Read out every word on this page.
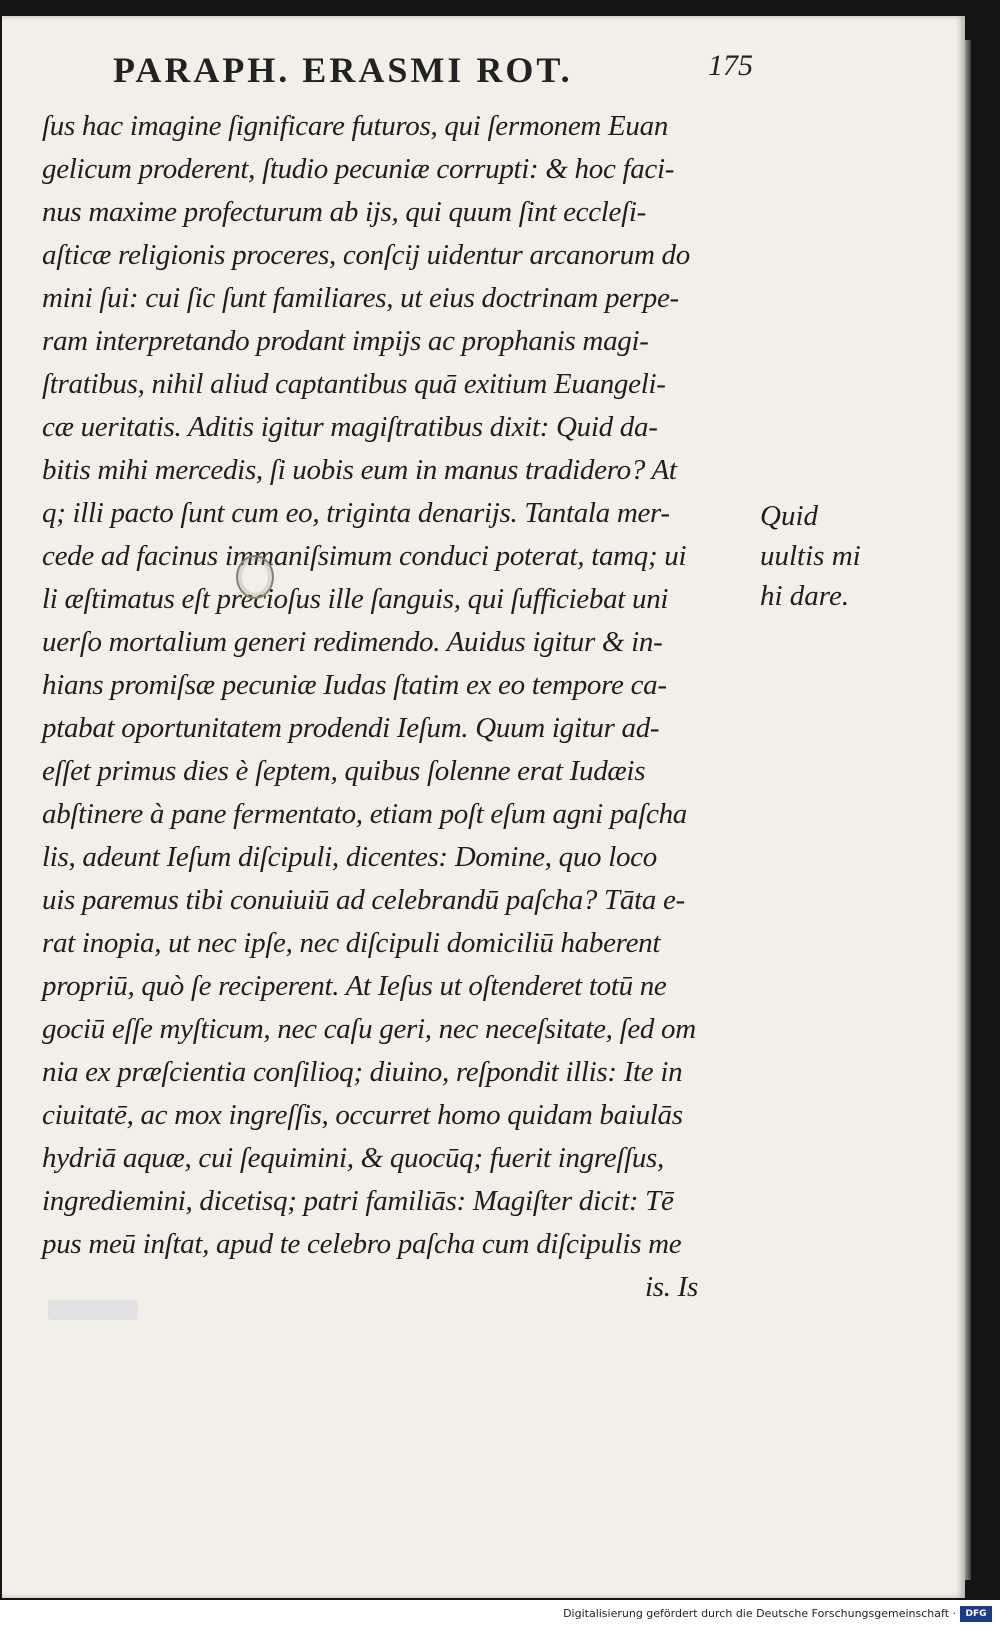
PARAPH. ERASMI ROT.	175
ſus hac imagine ſignificare futuros, qui ſermonem Euan
gelicum proderent, ſtudio pecuniæ corrupti: & hoc faci-
nus maxime profecturum ab ijs, qui quum ſint eccleſi-
aſticæ religionis proceres, conſcij uidentur arcanorum do
mini ſui: cui ſic ſunt familiares, ut eius doctrinam perpe-
ram interpretando prodant impijs ac prophanis magi-
ſtratibus, nihil aliud captantibus quā exitium Euangeli-
cæ ueritatis. Aditis igitur magiſtratibus dixit: Quid da-
bitis mihi mercedis, ſi uobis eum in manus tradidero? At
q; illi pacto ſunt cum eo, triginta denarijs. Tantala mer-
cede ad facinus immaniſsimum conduci poterat, tamq; ui
li æſtimatus eſt precioſus ille ſanguis, qui ſufficiebat uni
uerſo mortalium generi redimendo. Auidus igitur & in-
hians promiſsæ pecuniæ Iudas ſtatim ex eo tempore ca-
ptabat oportunitatem prodendi Ieſum. Quum igitur ad-
eſſet primus dies è ſeptem, quibus ſolenne erat Iudæis
abſtinere à pane fermentato, etiam poſt eſum agni paſcha
lis, adeunt Ieſum diſcipuli, dicentes: Domine, quo loco
uis paremus tibi conuiuiū ad celebrandū paſcha? Tāta e-
rat inopia, ut nec ipſe, nec diſcipuli domiciliū haberent
propriū, quò ſe reciperent. At Ieſus ut oſtenderet totū ne
gociū eſſe myſticum, nec caſu geri, nec neceſsitate, ſed om
nia ex præſcientia conſilioq; diuino, reſpondit illis: Ite in
ciuitatē, ac mox ingreſſis, occurret homo quidam baiulās
hydriā aquæ, cui ſequimini, & quocūq; fuerit ingreſſus,
ingrediemini, dicetisq; patri familiās: Magiſter dicit: Tē
pus meū inſtat, apud te celebro paſcha cum diſcipulis me
is. Is
Quid
uultis mi
hi dare.
Digitalisierung gefördert durch die Deutsche Forschungsgemeinschaft ·	DFG
